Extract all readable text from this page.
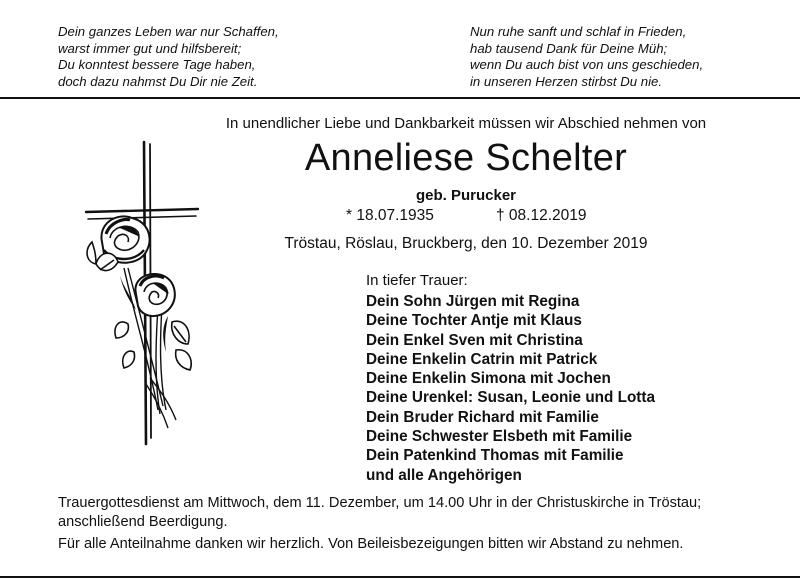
Dein ganzes Leben war nur Schaffen,
warst immer gut und hilfsbereit;
Du konntest bessere Tage haben,
doch dazu nahmst Du Dir nie Zeit.
Nun ruhe sanft und schlaf in Frieden,
hab tausend Dank für Deine Müh;
wenn Du auch bist von uns geschieden,
in unseren Herzen stirbst Du nie.
In unendlicher Liebe und Dankbarkeit müssen wir Abschied nehmen von
Anneliese Schelter
geb. Purucker
* 18.07.1935	† 08.12.2019
Tröstau, Röslau, Bruckberg, den 10. Dezember 2019
In tiefer Trauer:
Dein Sohn Jürgen mit Regina
Deine Tochter Antje mit Klaus
Dein Enkel Sven mit Christina
Deine Enkelin Catrin mit Patrick
Deine Enkelin Simona mit Jochen
Deine Urenkel: Susan, Leonie und Lotta
Dein Bruder Richard mit Familie
Deine Schwester Elsbeth mit Familie
Dein Patenkind Thomas mit Familie
und alle Angehörigen
Trauergottesdienst am Mittwoch, dem 11. Dezember, um 14.00 Uhr in der Christuskirche in Tröstau; anschließend Beerdigung.
Für alle Anteilnahme danken wir herzlich. Von Beileisbezeigungen bitten wir Abstand zu nehmen.
